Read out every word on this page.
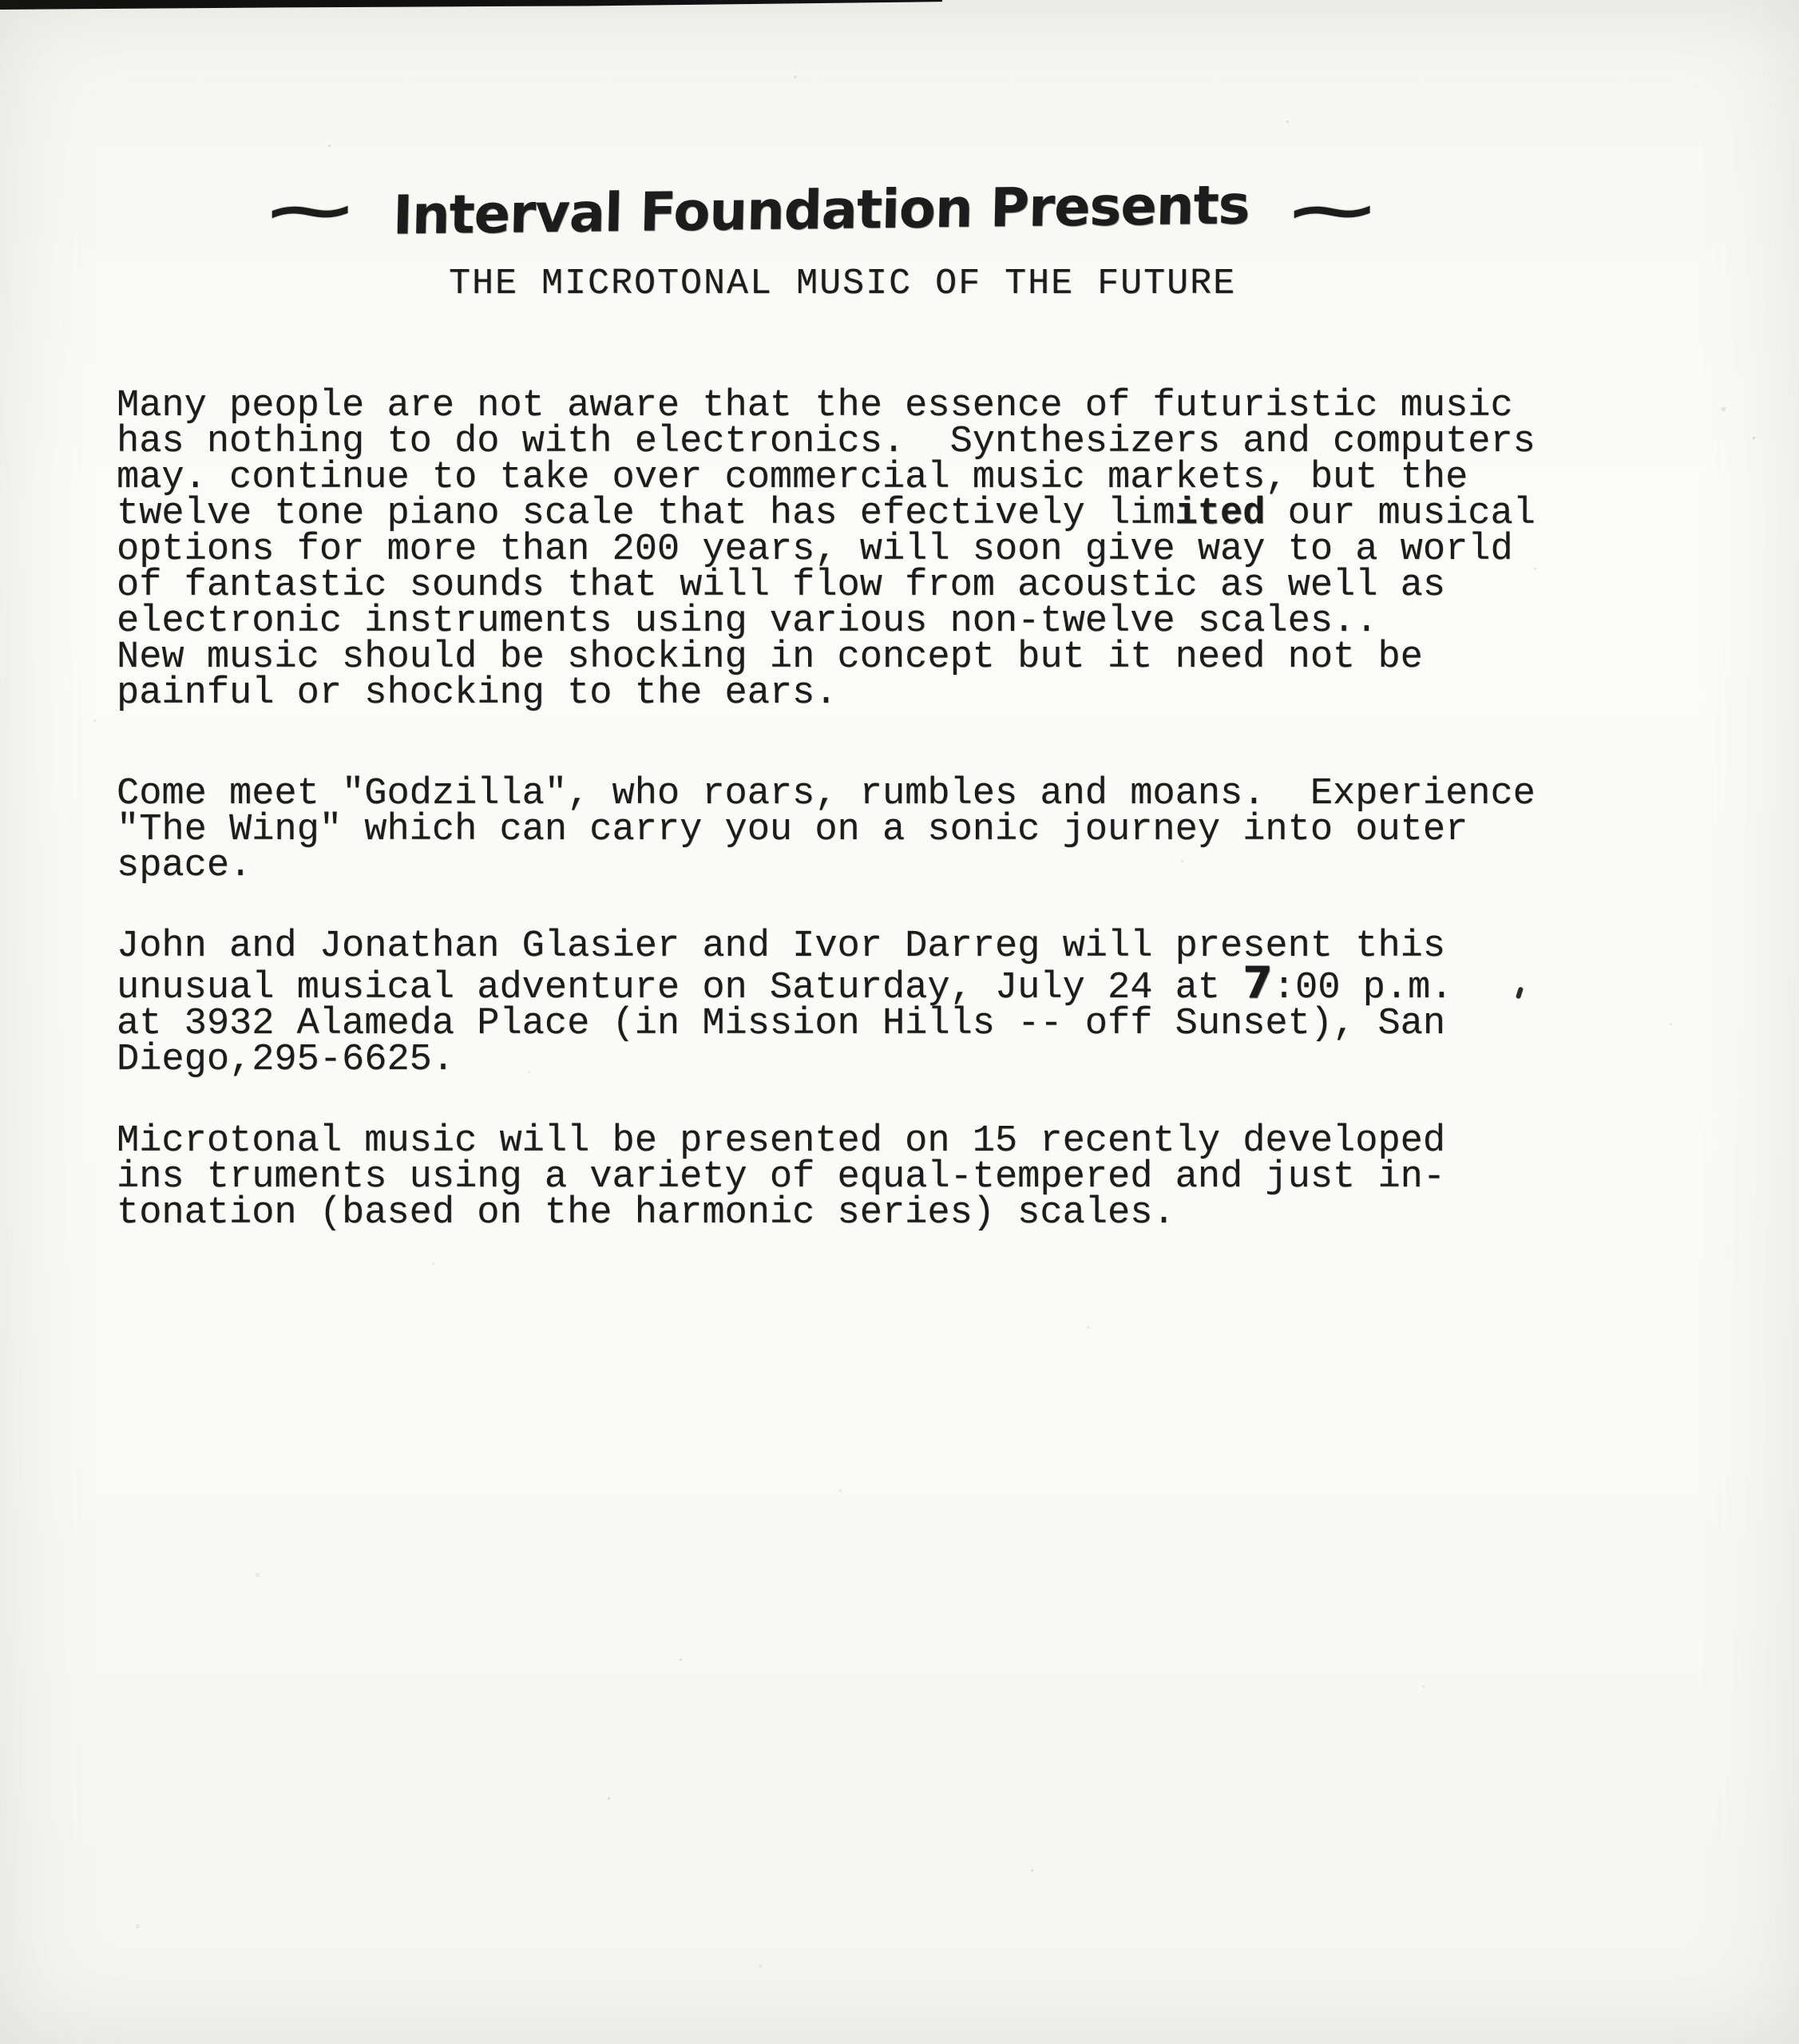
~ Interval Foundation Presents ~
THE MICROTONAL MUSIC OF THE FUTURE

Many people are not aware that the essence of futuristic music
has nothing to do with electronics.  Synthesizers and computers
may. continue to take over commercial music markets, but the
twelve tone piano scale that has efectively limited our musical
options for more than 200 years, will soon give way to a world
of fantastic sounds that will flow from acoustic as well as
electronic instruments using various non-twelve scales..
New music should be shocking in concept but it need not be
painful or shocking to the ears.

Come meet "Godzilla", who roars, rumbles and moans.  Experience
"The Wing" which can carry you on a sonic journey into outer
space.

John and Jonathan Glasier and Ivor Darreg will present this
unusual musical adventure on Saturday, July 24 at 7:00 p.m.
at 3932 Alameda Place (in Mission Hills -- off Sunset), San
Diego,295-6625.

Microtonal music will be presented on 15 recently developed
ins truments using a variety of equal-tempered and just in-
tonation (based on the harmonic series) scales.
